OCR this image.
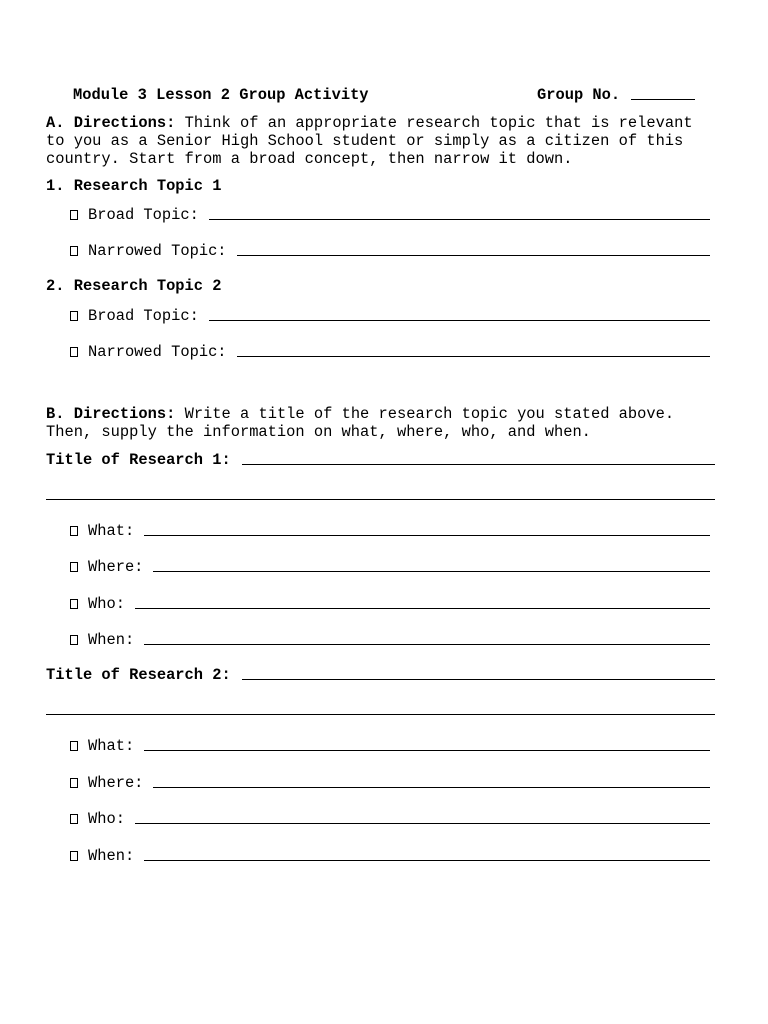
Module 3 Lesson 2 Group Activity	Group No.
A. Directions: Think of an appropriate research topic that is relevant
to you as a Senior High School student or simply as a citizen of this
country. Start from a broad concept, then narrow it down.
1. Research Topic 1
Broad Topic:
Narrowed Topic:
2. Research Topic 2
Broad Topic:
Narrowed Topic:
B. Directions: Write a title of the research topic you stated above.
Then, supply the information on what, where, who, and when.
Title of Research 1:
What:
Where:
Who:
When:
Title of Research 2:
What:
Where:
Who:
When:
